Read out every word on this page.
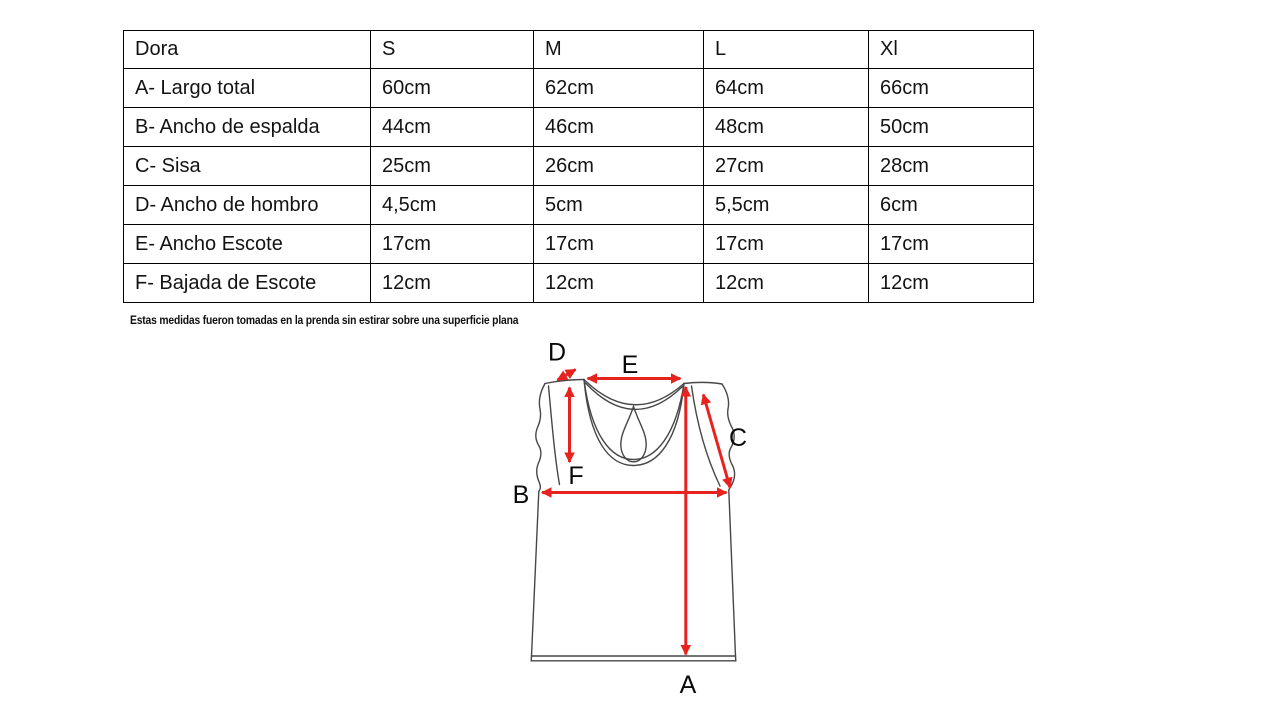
Dora	S	M	L	Xl
A- Largo total	60cm	62cm	64cm	66cm
B- Ancho de espalda	44cm	46cm	48cm	50cm
C- Sisa	25cm	26cm	27cm	28cm
D- Ancho de hombro	4,5cm	5cm	5,5cm	6cm
E- Ancho Escote	17cm	17cm	17cm	17cm
F- Bajada de Escote	12cm	12cm	12cm	12cm
Estas medidas fueron tomadas en la prenda sin estirar sobre una superficie plana
D E
C
F
B
A
